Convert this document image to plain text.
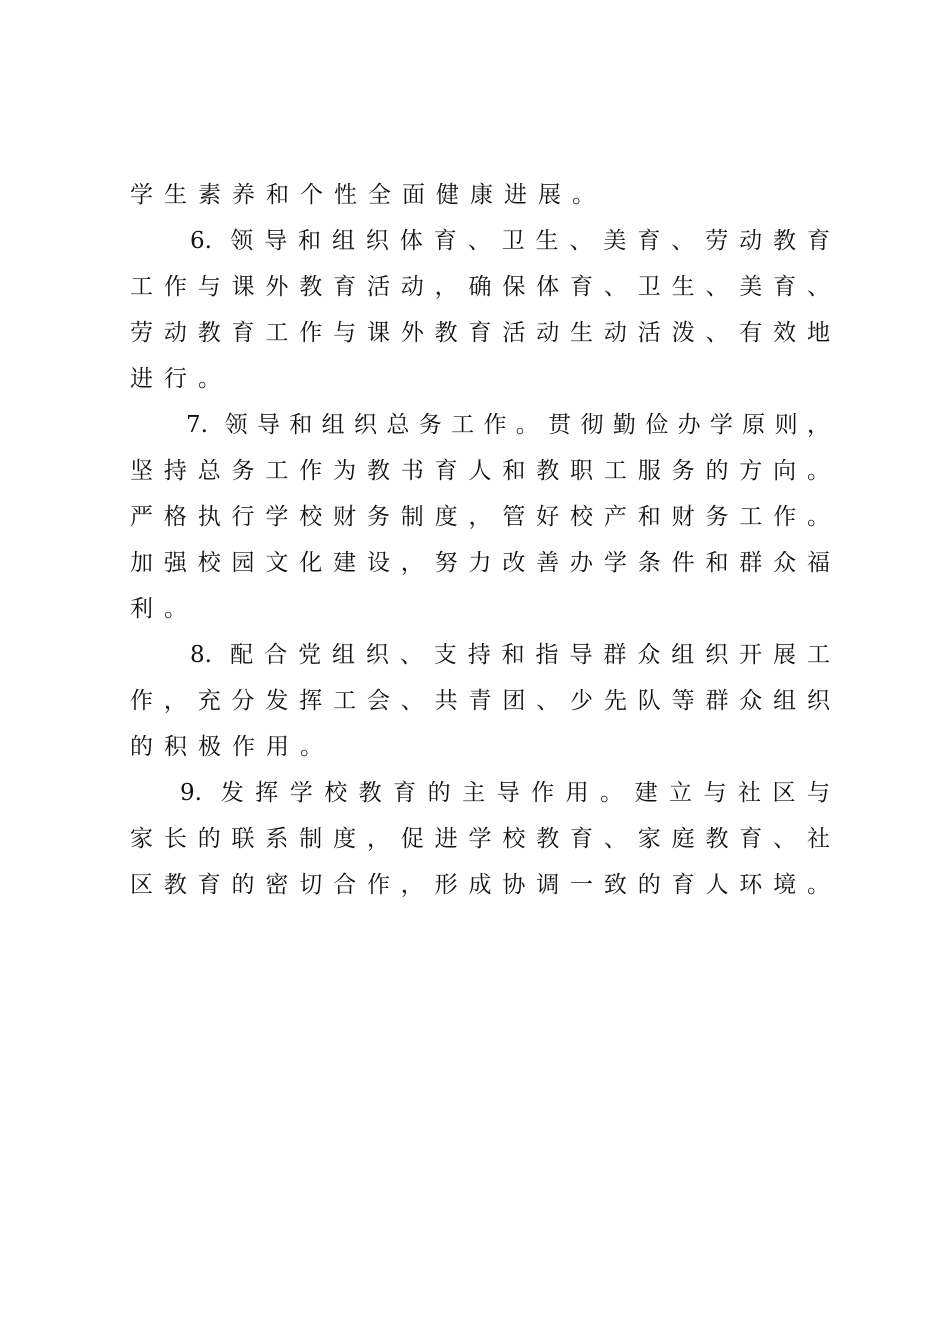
学生素养和个性全面健康进展。
6. 领导和组织体育、卫生、美育、劳动教育
工作与课外教育活动，确保体育、卫生、美育、
劳动教育工作与课外教育活动生动活泼、有效地
进行。
7. 领导和组织总务工作。贯彻勤俭办学原则，
坚持总务工作为教书育人和教职工服务的方向。
严格执行学校财务制度，管好校产和财务工作。
加强校园文化建设，努力改善办学条件和群众福
利。
8. 配合党组织、支持和指导群众组织开展工
作，充分发挥工会、共青团、少先队等群众组织
的积极作用。
9. 发挥学校教育的主导作用。建立与社区与
家长的联系制度，促进学校教育、家庭教育、社
区教育的密切合作，形成协调一致的育人环境。
